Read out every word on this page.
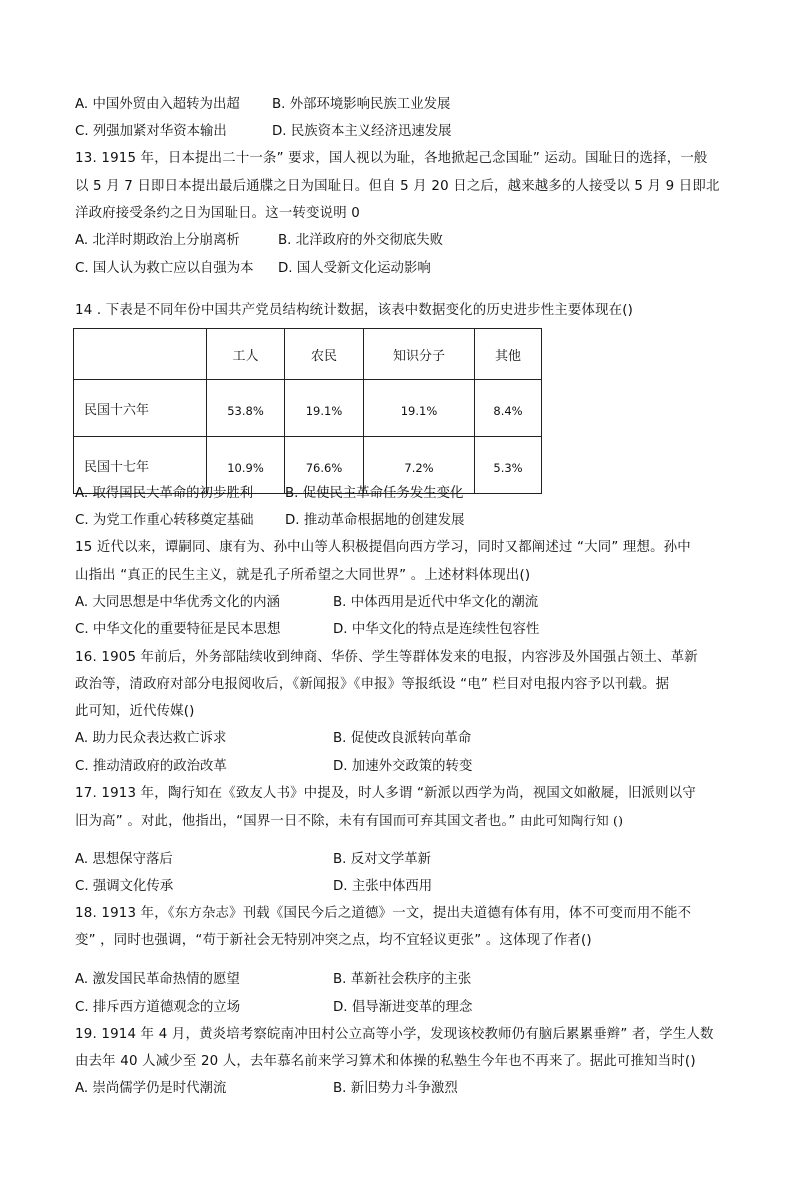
A. 中国外贸由入超转为出超 B. 外部环境影响民族工业发展
C. 列强加紧对华资本输出	D. 民族资本主义经济迅速发展
13. 1915 年，日本提出二十一条” 要求，国人视以为耻，各地掀起己念国耻” 运动。国耻日的选择，一般
以 5 月 7 日即日本提出最后通牒之日为国耻日。但自 5 月 20 日之后，越来越多的人接受以 5 月 9 日即北
洋政府接受条约之日为国耻日。这一转变说明 0
A. 北洋时期政治上分崩离析	B. 北洋政府的外交彻底失败
C. 国人认为救亡应以自强为本 D. 国人受新文化运动影响
14 . 下表是不同年份中国共产党员结构统计数据，该表中数据变化的历史进步性主要体现在()
	工人	农民	知识分子	其他
民国十六年	53.8%	19.1%	19.1%	8.4%
民国十七年	10.9%	76.6%	7.2%	5.3%
A. 取得国民大革命的初步胜利 B. 促使民主革命任务发生变化
C. 为党工作重心转移奠定基础 D. 推动革命根据地的创建发展
15 近代以来，谭嗣同、康有为、孙中山等人积极提倡向西方学习，同时又都阐述过 “大同” 理想。孙中
山指出 “真正的民生主义，就是孔子所希望之大同世界” 。上述材料体现出()
A. 大同思想是中华优秀文化的内涵	B. 中体西用是近代中华文化的潮流
C. 中华文化的重要特征是民本思想	D. 中华文化的特点是连续性包容性
16. 1905 年前后，外务部陆续收到绅商、华侨、学生等群体发来的电报，内容涉及外国强占领土、革新
政治等，清政府对部分电报阅收后，《新闻报》《申报》等报纸设 “电” 栏目对电报内容予以刊载。据
此可知，近代传媒()
A. 助力民众表达救亡诉求	B. 促使改良派转向革命
C. 推动清政府的政治改革	D. 加速外交政策的转变
17. 1913 年，陶行知在《致友人书》中提及，时人多谓 “新派以西学为尚，视国文如敝屣，旧派则以守
旧为高” 。对此，他指出，“国界一日不除，未有有国而可弃其国文者也。” 由此可知陶行知 ()
A. 思想保守落后	B. 反对文学革新
C. 强调文化传承	D. 主张中体西用
18. 1913 年，《东方杂志》刊载《国民今后之道德》一文，提出夫道德有体有用，体不可变而用不能不
变” ，同时也强调，“苟于新社会无特别冲突之点，均不宜轻议更张” 。这体现了作者()
A. 激发国民革命热情的愿望	B. 革新社会秩序的主张
C. 排斥西方道德观念的立场	D. 倡导渐进变革的理念
19. 1914 年 4 月，黄炎培考察皖南冲田村公立高等小学，发现该校教师仍有脑后累累垂辫” 者，学生人数
由去年 40 人减少至 20 人，去年慕名前来学习算术和体操的私塾生今年也不再来了。据此可推知当时()
A. 崇尚儒学仍是时代潮流	B. 新旧势力斗争激烈
